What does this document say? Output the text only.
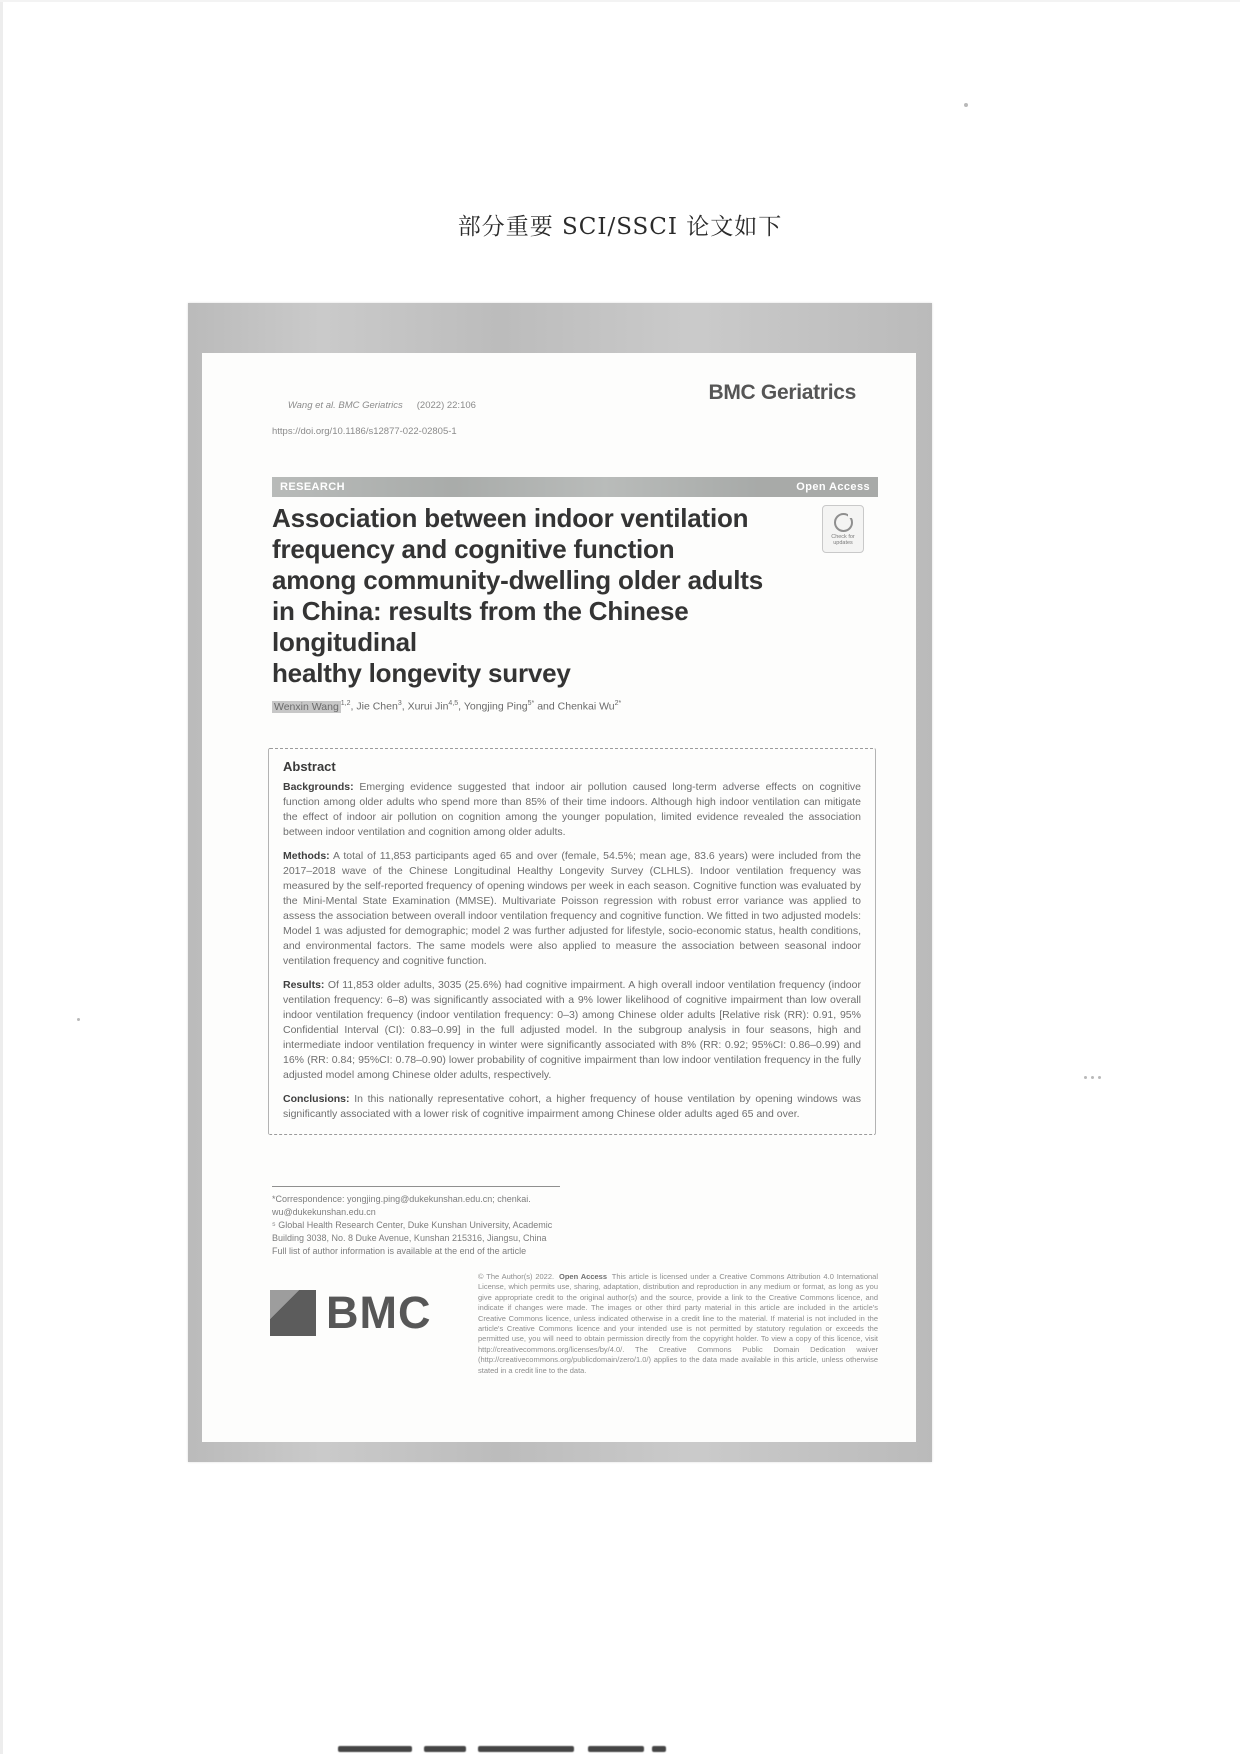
部分重要 SCI/SSCI 论文如下

Wang et al. BMC Geriatrics (2022) 22:106

https://doi.org/10.1186/s12877-022-02805-1

BMC Geriatrics
RESEARCH	Open Access
Check for updates
Association between indoor ventilation
frequency and cognitive function
among community-dwelling older adults
in China: results from the Chinese longitudinal
healthy longevity survey
Wenxin Wang $^{1,2}$, Jie Chen$^3$, Xurui Jin$^{4,5}$, Yongjing Ping$^{5*}$ and Chenkai $Wu^{2*}$

Abstract

Backgrounds: Emerging evidence suggested that indoor air pollution caused long-term adverse effects on cognitive function among older adults who spend more than 85% of their time indoors. Although high indoor ventilation can mitigate the effect of indoor air pollution on cognition among the younger population, limited evidence revealed the association between indoor ventilation and cognition among older adults.

Methods: A total of 11,853 participants aged 65 and over (female, 54.5%; mean age, 83.6 years) were included from the 2017–2018 wave of the Chinese Longitudinal Healthy Longevity Survey (CLHLS). Indoor ventilation frequency was measured by the self-reported frequency of opening windows per week in each season. Cognitive function was evaluated by the Mini-Mental State Examination (MMSE). Multivariate Poisson regression with robust error variance was applied to assess the association between overall indoor ventilation frequency and cognitive function. We fitted in two adjusted models: Model 1 was adjusted for demographic; model 2 was further adjusted for lifestyle, socio-economic status, health conditions, and environmental factors. The same models were also applied to measure the association between seasonal indoor ventilation frequency and cognitive function.

Results: Of 11,853 older adults, 3035 (25.6%) had cognitive impairment. A high overall indoor ventilation frequency (indoor ventilation frequency: 6–8) was significantly associated with a 9% lower likelihood of cognitive impairment than low overall indoor ventilation frequency (indoor ventilation frequency: 0–3) among Chinese older adults [Relative risk (RR): 0.91, 95% Confidential Interval (CI): 0.83–0.99] in the full adjusted model. In the subgroup analysis in four seasons, high and intermediate indoor ventilation frequency in winter were significantly associated with 8% (RR: 0.92; 95%CI: 0.86–0.99) and 16% (RR: 0.84; 95%CI: 0.78–0.90) lower probability of cognitive impairment than low indoor ventilation frequency in the fully adjusted model among Chinese older adults, respectively.

Conclusions: In this nationally representative cohort, a higher frequency of house ventilation by opening windows was significantly associated with a lower risk of cognitive impairment among Chinese older adults aged 65 and over.

*Correspondence: yongjing.ping@dukekunshan.edu.cn; chenkai.
wu@dukekunshan.edu.cn
⁵ Global Health Research Center, Duke Kunshan University, Academic
Building 3038, No. 8 Duke Avenue, Kunshan 215316, Jiangsu, China
Full list of author information is available at the end of the article
BMC
© The Author(s) 2022. Open Access This article is licensed under a Creative Commons Attribution 4.0 International License, which permits use, sharing, adaptation, distribution and reproduction in any medium or format, as long as you give appropriate credit to the original author(s) and the source, provide a link to the Creative Commons licence, and indicate if changes were made. The images or other third party material in this article are included in the article's Creative Commons licence, unless indicated otherwise in a credit line to the material. If material is not included in the article's Creative Commons licence and your intended use is not permitted by statutory regulation or exceeds the permitted use, you will need to obtain permission directly from the copyright holder. To view a copy of this licence, visit http://creativecommons.org/licenses/by/4.0/. The Creative Commons Public Domain Dedication waiver (http://creativecommons.org/publicdomain/zero/1.0/) applies to the data made available in this article, unless otherwise stated in a credit line to the data.
